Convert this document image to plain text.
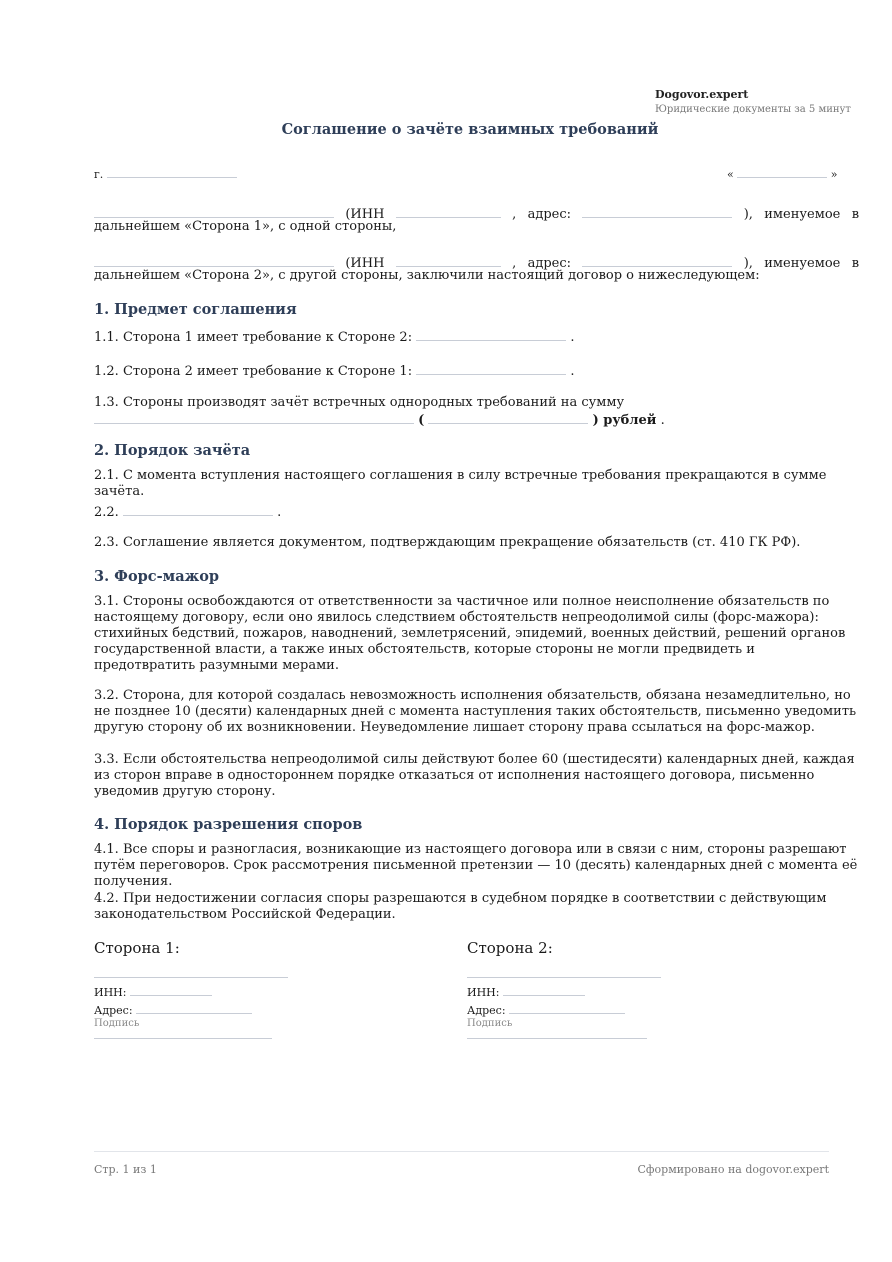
Dogovor.expert
Юридические документы за 5 минут
Соглашение о зачёте взаимных требований
г.	«	»
(ИНН	, адрес:	), именуемое в
дальнейшем «Сторона 1», с одной стороны,
(ИНН	, адрес:	), именуемое в
дальнейшем «Сторона 2», с другой стороны, заключили настоящий договор о нижеследующем:
1. Предмет соглашения
1.1. Сторона 1 имеет требование к Стороне 2:	.
1.2. Сторона 2 имеет требование к Стороне 1:	.
1.3. Стороны производят зачёт встречных однородных требований на сумму
(	) рублей .
2. Порядок зачёта
2.1. С момента вступления настоящего соглашения в силу встречные требования прекращаются в сумме зачёта.
2.2.	.
2.3. Соглашение является документом, подтверждающим прекращение обязательств (ст. 410 ГК РФ).
3. Форс-мажор
3.1. Стороны освобождаются от ответственности за частичное или полное неисполнение обязательств по настоящему договору, если оно явилось следствием обстоятельств непреодолимой силы (форс-мажора): стихийных бедствий, пожаров, наводнений, землетрясений, эпидемий, военных действий, решений органов государственной власти, а также иных обстоятельств, которые стороны не могли предвидеть и предотвратить разумными мерами.
3.2. Сторона, для которой создалась невозможность исполнения обязательств, обязана незамедлительно, но не позднее 10 (десяти) календарных дней с момента наступления таких обстоятельств, письменно уведомить другую сторону об их возникновении. Неуведомление лишает сторону права ссылаться на форс-мажор.
3.3. Если обстоятельства непреодолимой силы действуют более 60 (шестидесяти) календарных дней, каждая из сторон вправе в одностороннем порядке отказаться от исполнения настоящего договора, письменно уведомив другую сторону.
4. Порядок разрешения споров
4.1. Все споры и разногласия, возникающие из настоящего договора или в связи с ним, стороны разрешают путём переговоров. Срок рассмотрения письменной претензии — 10 (десять) календарных дней с момента её получения.
4.2. При недостижении согласия споры разрешаются в судебном порядке в соответствии с действующим законодательством Российской Федерации.
Сторона 1:
ИНН:
Адрес:
Подпись
Сторона 2:
ИНН:
Адрес:
Подпись
Стр. 1 из 1	Сформировано на dogovor.expert
